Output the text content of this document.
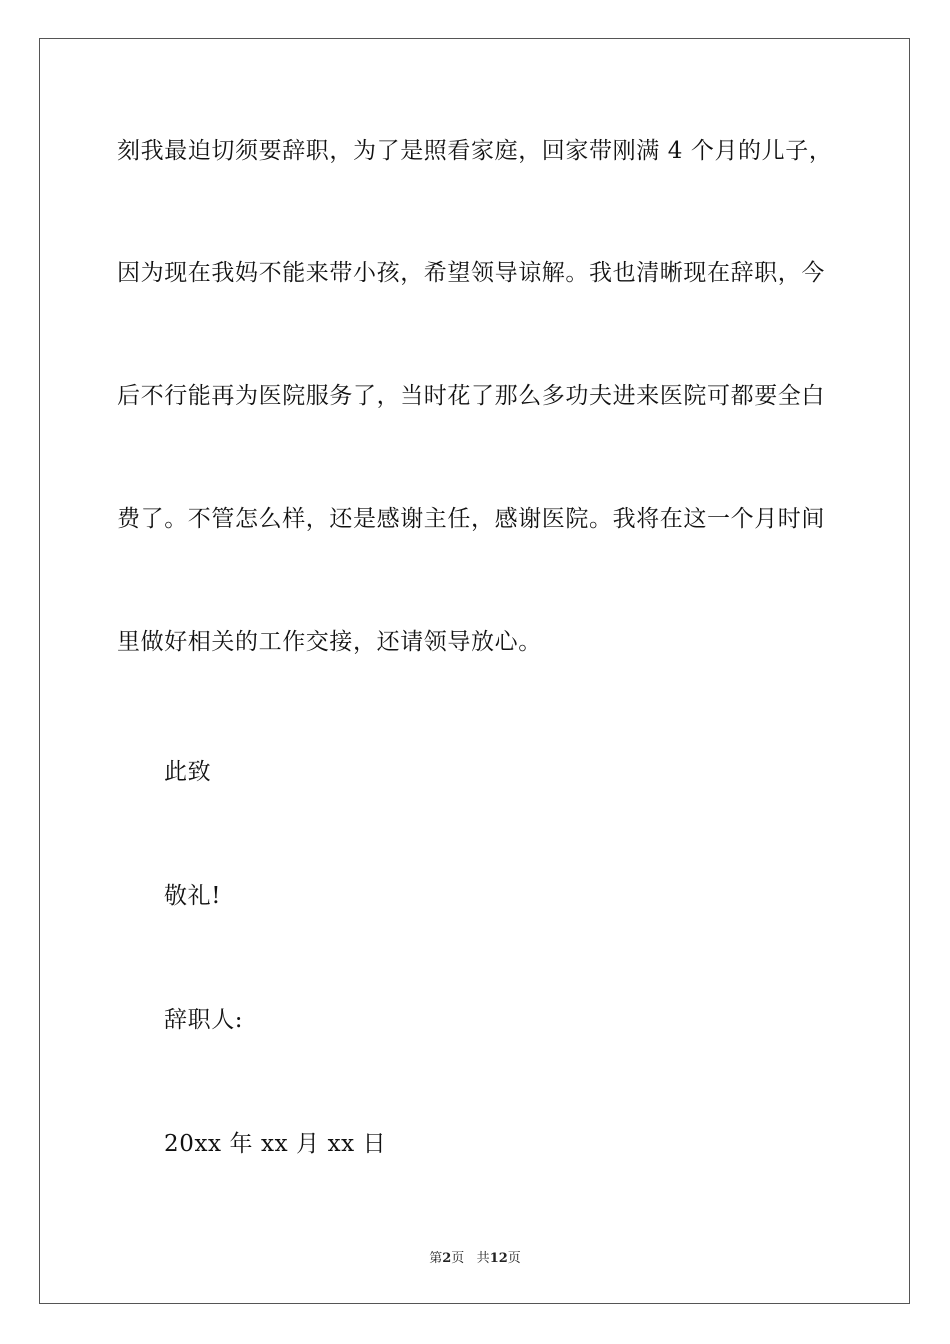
刻我最迫切须要辞职，为了是照看家庭，回家带刚满 4 个月的儿子，

因为现在我妈不能来带小孩，希望领导谅解。我也清晰现在辞职，今

后不行能再为医院服务了，当时花了那么多功夫进来医院可都要全白

费了。不管怎么样，还是感谢主任，感谢医院。我将在这一个月时间

里做好相关的工作交接，还请领导放心。

此致

敬礼!

辞职人:

20xx 年 xx 月 xx 日

第2页 共12页
